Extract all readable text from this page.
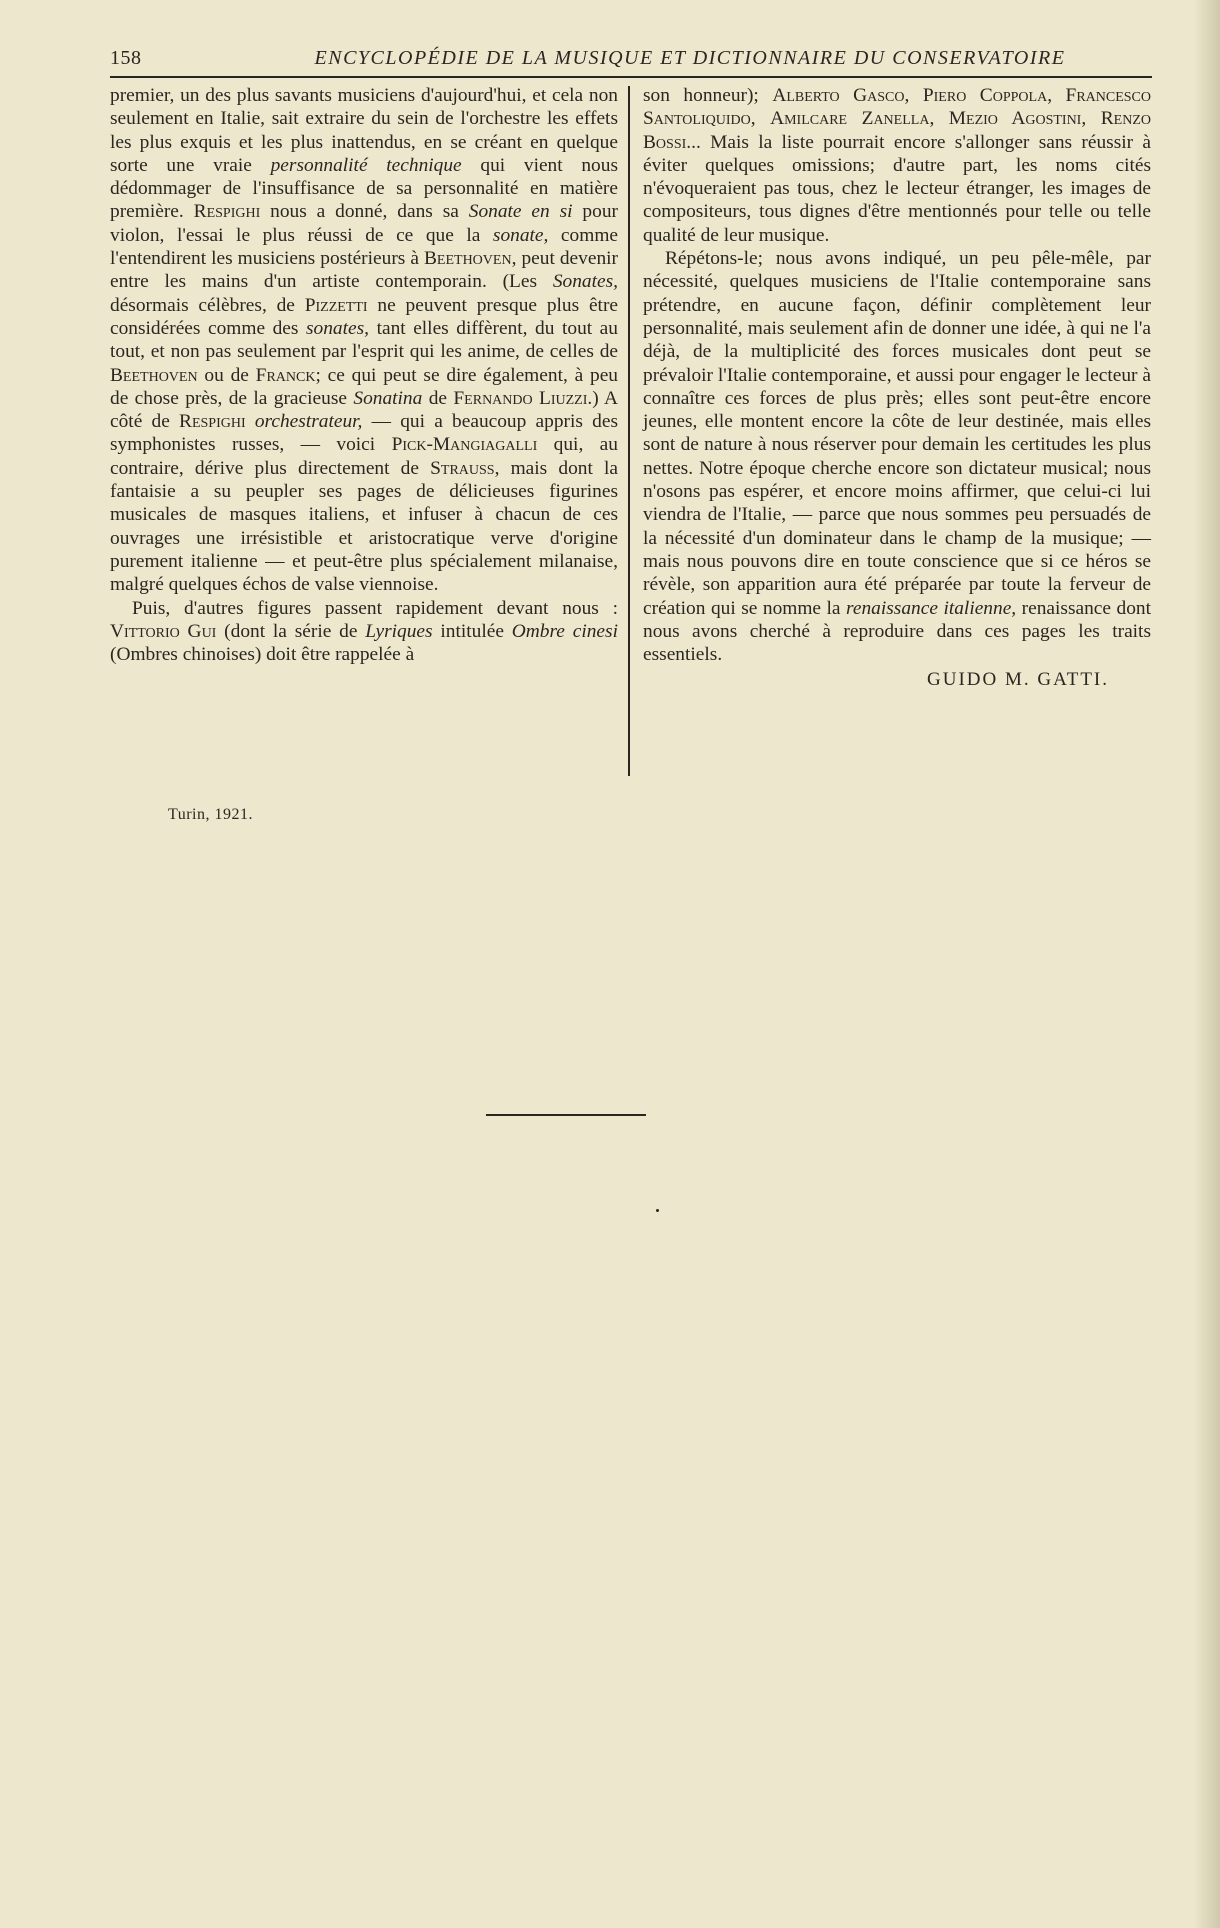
158	ENCYCLOPÉDIE DE LA MUSIQUE ET DICTIONNAIRE DU CONSERVATOIRE

premier, un des plus savants musiciens d'aujourd'hui, et cela non seulement en Italie, sait extraire du sein de l'orchestre les effets les plus exquis et les plus inattendus, en se créant en quelque sorte une vraie personnalité technique qui vient nous dédommager de l'insuffisance de sa personnalité en matière première. Respighi nous a donné, dans sa Sonate en si pour violon, l'essai le plus réussi de ce que la sonate, comme l'entendirent les musiciens postérieurs à Beethoven, peut devenir entre les mains d'un artiste contemporain. (Les Sonates, désormais célèbres, de Pizzetti ne peuvent presque plus être considérées comme des sonates, tant elles diffèrent, du tout au tout, et non pas seulement par l'esprit qui les anime, de celles de Beethoven ou de Franck; ce qui peut se dire également, à peu de chose près, de la gracieuse Sonatina de Fernando Liuzzi.) A côté de Respighi orchestrateur, — qui a beaucoup appris des symphonistes russes, — voici Pick-Mangiagalli qui, au contraire, dérive plus directement de Strauss, mais dont la fantaisie a su peupler ses pages de délicieuses figurines musicales de masques italiens, et infuser à chacun de ces ouvrages une irrésistible et aristocratique verve d'origine purement italienne — et peut-être plus spécialement milanaise, malgré quelques échos de valse viennoise.

Puis, d'autres figures passent rapidement devant nous : Vittorio Gui (dont la série de Lyriques intitulée Ombre cinesi (Ombres chinoises) doit être rappelée à

son honneur); Alberto Gasco, Piero Coppola, Francesco Santoliquido, Amilcare Zanella, Mezio Agostini, Renzo Bossi... Mais la liste pourrait encore s'allonger sans réussir à éviter quelques omissions; d'autre part, les noms cités n'évoqueraient pas tous, chez le lecteur étranger, les images de compositeurs, tous dignes d'être mentionnés pour telle ou telle qualité de leur musique.

Répétons-le; nous avons indiqué, un peu pêle-mêle, par nécessité, quelques musiciens de l'Italie contemporaine sans prétendre, en aucune façon, définir complètement leur personnalité, mais seulement afin de donner une idée, à qui ne l'a déjà, de la multiplicité des forces musicales dont peut se prévaloir l'Italie contemporaine, et aussi pour engager le lecteur à connaître ces forces de plus près; elles sont peut-être encore jeunes, elle montent encore la côte de leur destinée, mais elles sont de nature à nous réserver pour demain les certitudes les plus nettes. Notre époque cherche encore son dictateur musical; nous n'osons pas espérer, et encore moins affirmer, que celui-ci lui viendra de l'Italie, — parce que nous sommes peu persuadés de la nécessité d'un dominateur dans le champ de la musique; — mais nous pouvons dire en toute conscience que si ce héros se révèle, son apparition aura été préparée par toute la ferveur de création qui se nomme la renaissance italienne, renaissance dont nous avons cherché à reproduire dans ces pages les traits essentiels.

GUIDO M. GATTI.
Turin, 1921.
